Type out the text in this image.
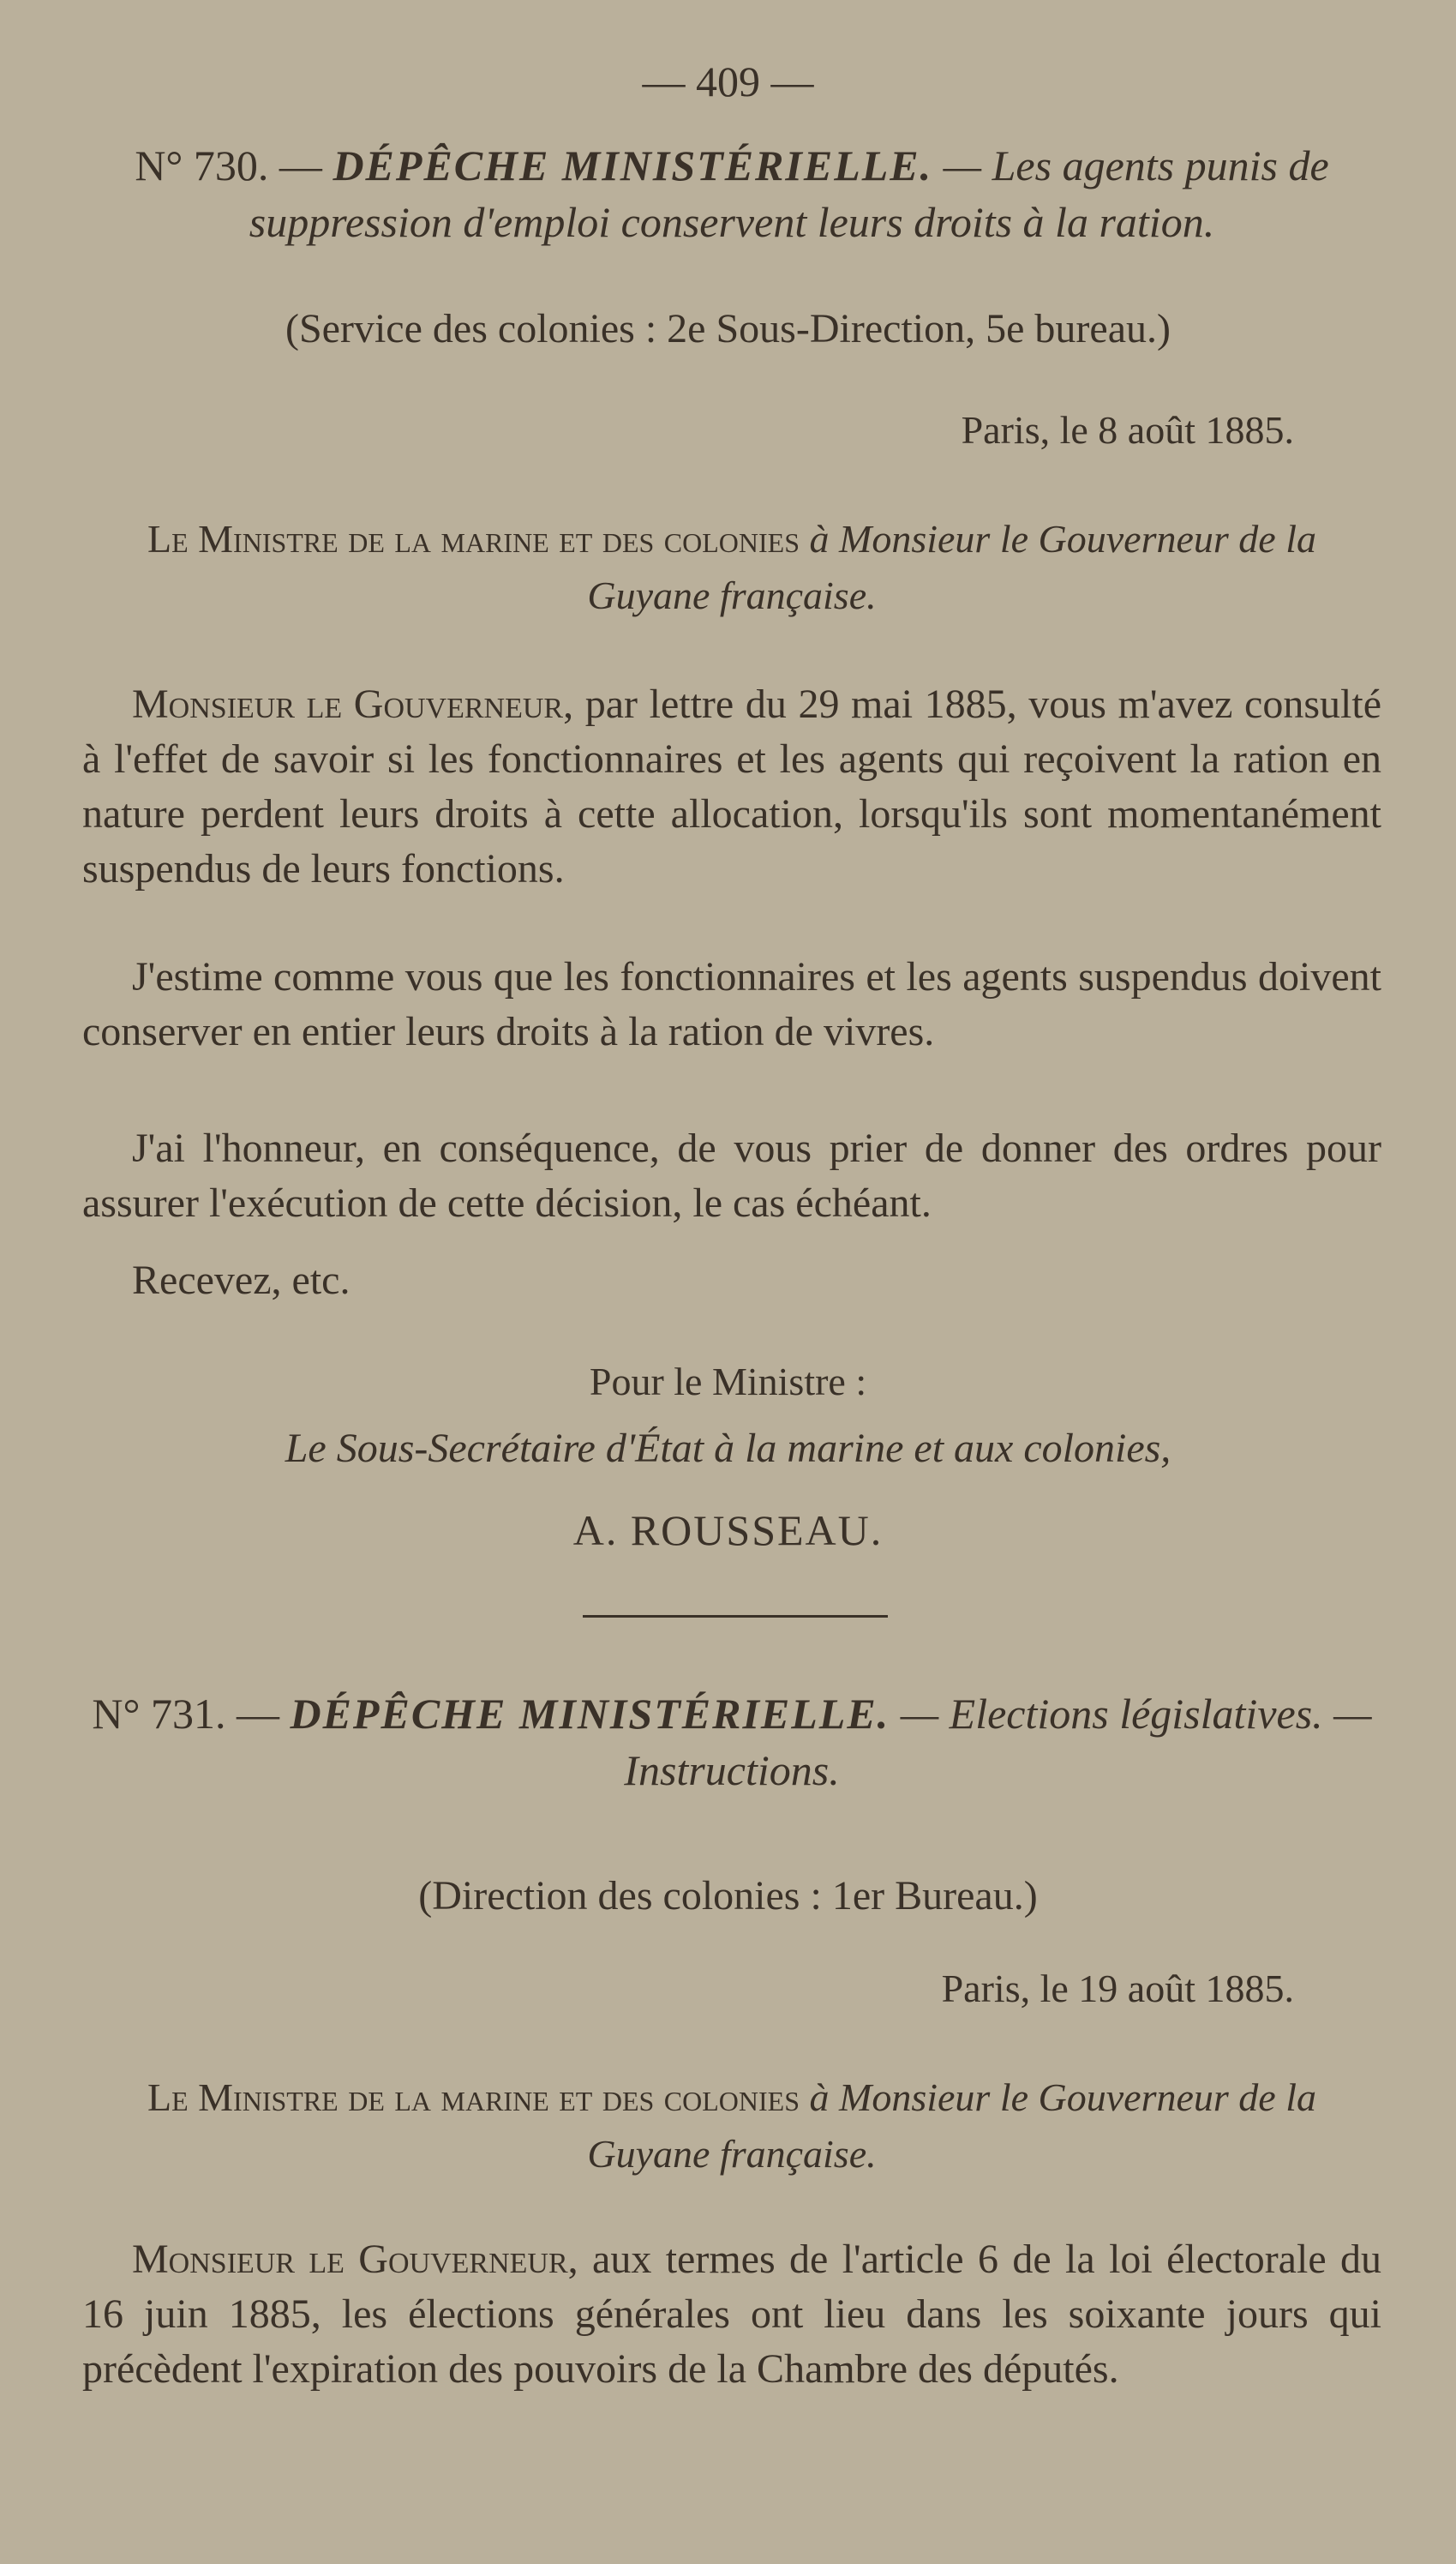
— 409 —

N° 730. — DÉPÊCHE MINISTÉRIELLE. — Les agents punis de suppression d'emploi conservent leurs droits à la ration.

(Service des colonies : 2e Sous-Direction, 5e bureau.)

Paris, le 8 août 1885.

Le Ministre de la marine et des colonies à Monsieur le Gouverneur de la Guyane française.

Monsieur le Gouverneur, par lettre du 29 mai 1885, vous m'avez consulté à l'effet de savoir si les fonctionnaires et les agents qui reçoivent la ration en nature perdent leurs droits à cette allocation, lorsqu'ils sont momentanément suspendus de leurs fonctions.

J'estime comme vous que les fonctionnaires et les agents suspendus doivent conserver en entier leurs droits à la ration de vivres.

J'ai l'honneur, en conséquence, de vous prier de donner des ordres pour assurer l'exécution de cette décision, le cas échéant.

Recevez, etc.

Pour le Ministre :

Le Sous-Secrétaire d'État à la marine et aux colonies,

A. ROUSSEAU.

N° 731. — DÉPÊCHE MINISTÉRIELLE. — Elections législatives. — Instructions.

(Direction des colonies : 1er Bureau.)

Paris, le 19 août 1885.

Le Ministre de la marine et des colonies à Monsieur le Gouverneur de la Guyane française.

Monsieur le Gouverneur, aux termes de l'article 6 de la loi électorale du 16 juin 1885, les élections générales ont lieu dans les soixante jours qui précèdent l'expiration des pouvoirs de la Chambre des députés.
